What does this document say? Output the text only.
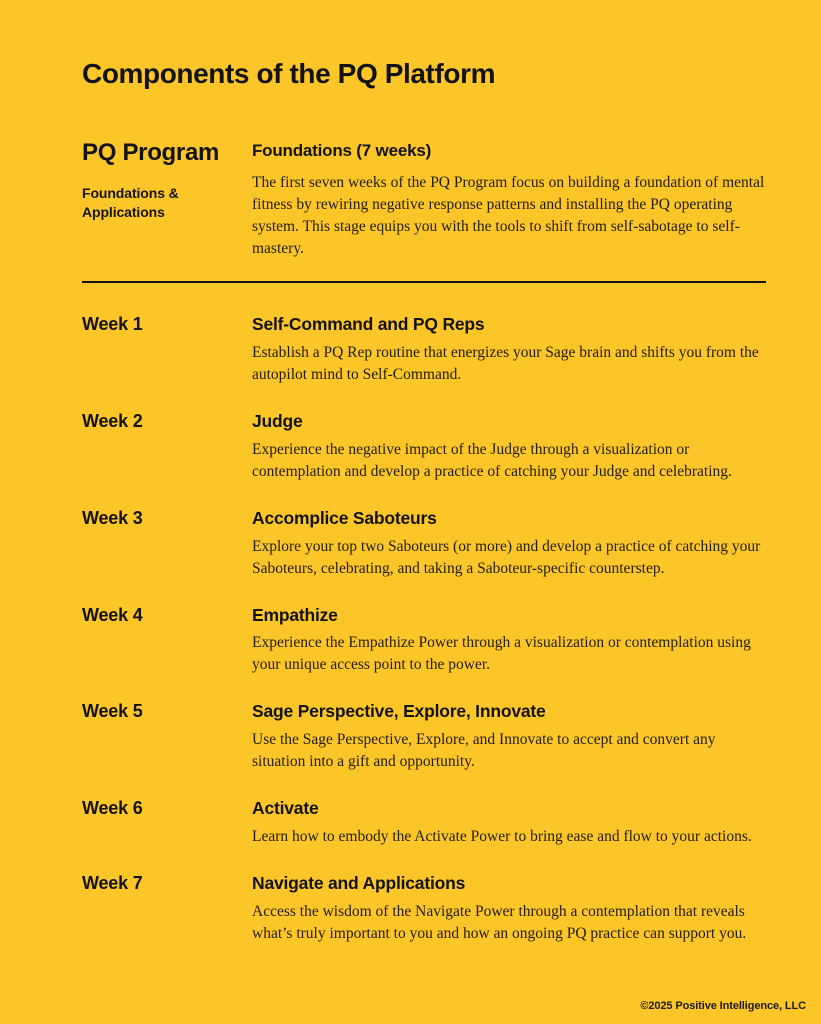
Components of the PQ Platform
PQ Program
Foundations & Applications
Foundations (7 weeks)

The first seven weeks of the PQ Program focus on building a foundation of mental fitness by rewiring negative response patterns and installing the PQ operating system. This stage equips you with the tools to shift from self-sabotage to self-mastery.

Week 1	Self-Command and PQ Reps

Establish a PQ Rep routine that energizes your Sage brain and shifts you from the autopilot mind to Self-Command.

Week 2	Judge

Experience the negative impact of the Judge through a visualization or contemplation and develop a practice of catching your Judge and celebrating.

Week 3	Accomplice Saboteurs

Explore your top two Saboteurs (or more) and develop a practice of catching your Saboteurs, celebrating, and taking a Saboteur-specific counterstep.

Week 4	Empathize

Experience the Empathize Power through a visualization or contemplation using your unique access point to the power.

Week 5	Sage Perspective, Explore, Innovate

Use the Sage Perspective, Explore, and Innovate to accept and convert any situation into a gift and opportunity.

Week 6	Activate

Learn how to embody the Activate Power to bring ease and flow to your actions.

Week 7	Navigate and Applications

Access the wisdom of the Navigate Power through a contemplation that reveals what’s truly important to you and how an ongoing PQ practice can support you.

©2025 Positive Intelligence, LLC
